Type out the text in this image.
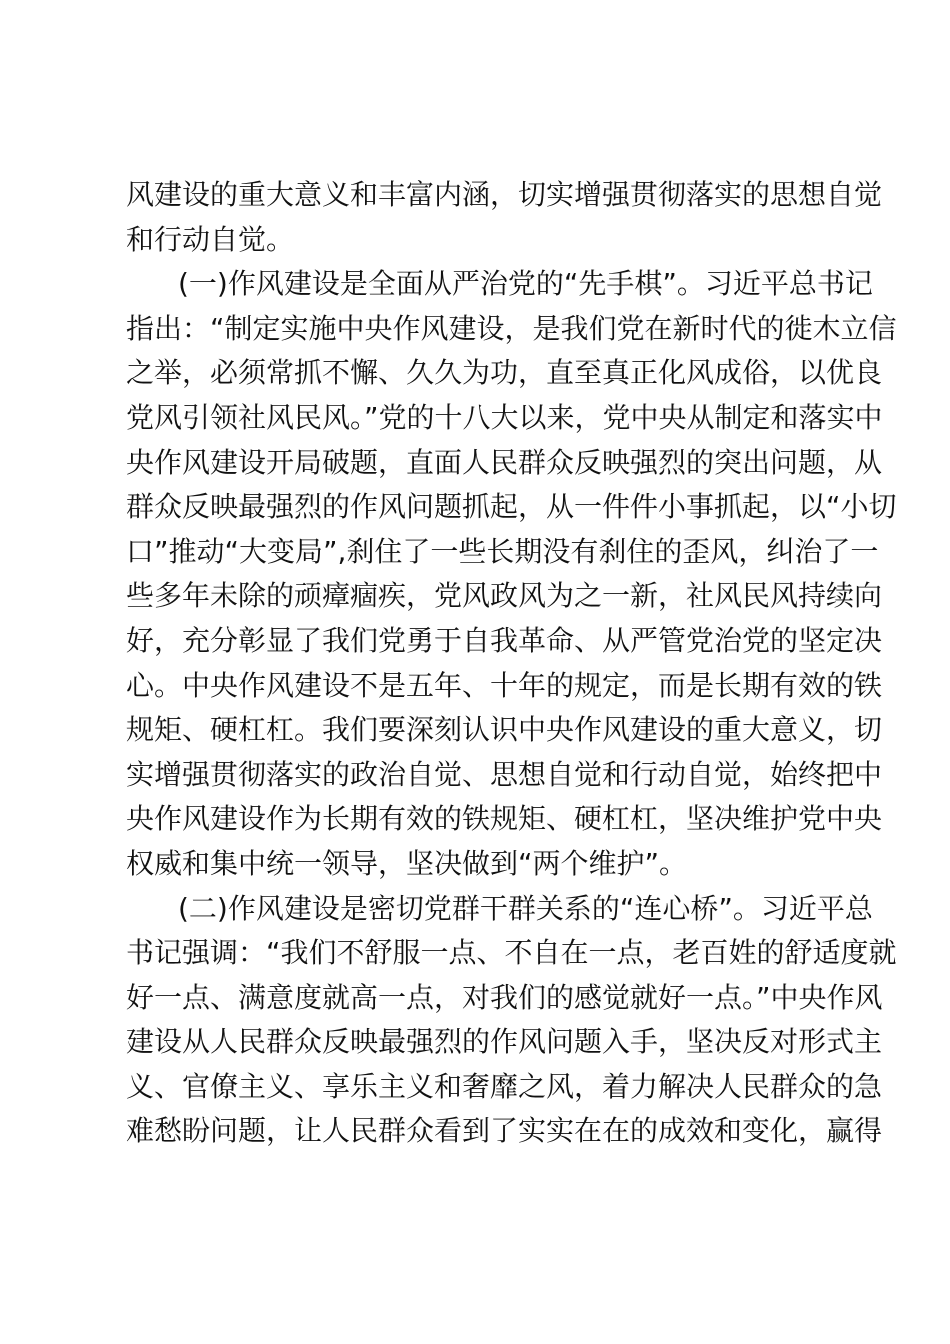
风建设的重大意义和丰富内涵，切实增强贯彻落实的思想自觉
和行动自觉。
(一)作风建设是全面从严治党的“先手棋”。习近平总书记
指出：“制定实施中央作风建设，是我们党在新时代的徙木立信
之举，必须常抓不懈、久久为功，直至真正化风成俗，以优良
党风引领社风民风。”党的十八大以来，党中央从制定和落实中
央作风建设开局破题，直面人民群众反映强烈的突出问题，从
群众反映最强烈的作风问题抓起，从一件件小事抓起，以“小切
口”推动“大变局”,刹住了一些长期没有刹住的歪风，纠治了一
些多年未除的顽瘴痼疾，党风政风为之一新，社风民风持续向
好，充分彰显了我们党勇于自我革命、从严管党治党的坚定决
心。中央作风建设不是五年、十年的规定，而是长期有效的铁
规矩、硬杠杠。我们要深刻认识中央作风建设的重大意义，切
实增强贯彻落实的政治自觉、思想自觉和行动自觉，始终把中
央作风建设作为长期有效的铁规矩、硬杠杠，坚决维护党中央
权威和集中统一领导，坚决做到“两个维护”。
(二)作风建设是密切党群干群关系的“连心桥”。习近平总
书记强调：“我们不舒服一点、不自在一点，老百姓的舒适度就
好一点、满意度就高一点，对我们的感觉就好一点。”中央作风
建设从人民群众反映最强烈的作风问题入手，坚决反对形式主
义、官僚主义、享乐主义和奢靡之风，着力解决人民群众的急
难愁盼问题，让人民群众看到了实实在在的成效和变化，赢得
